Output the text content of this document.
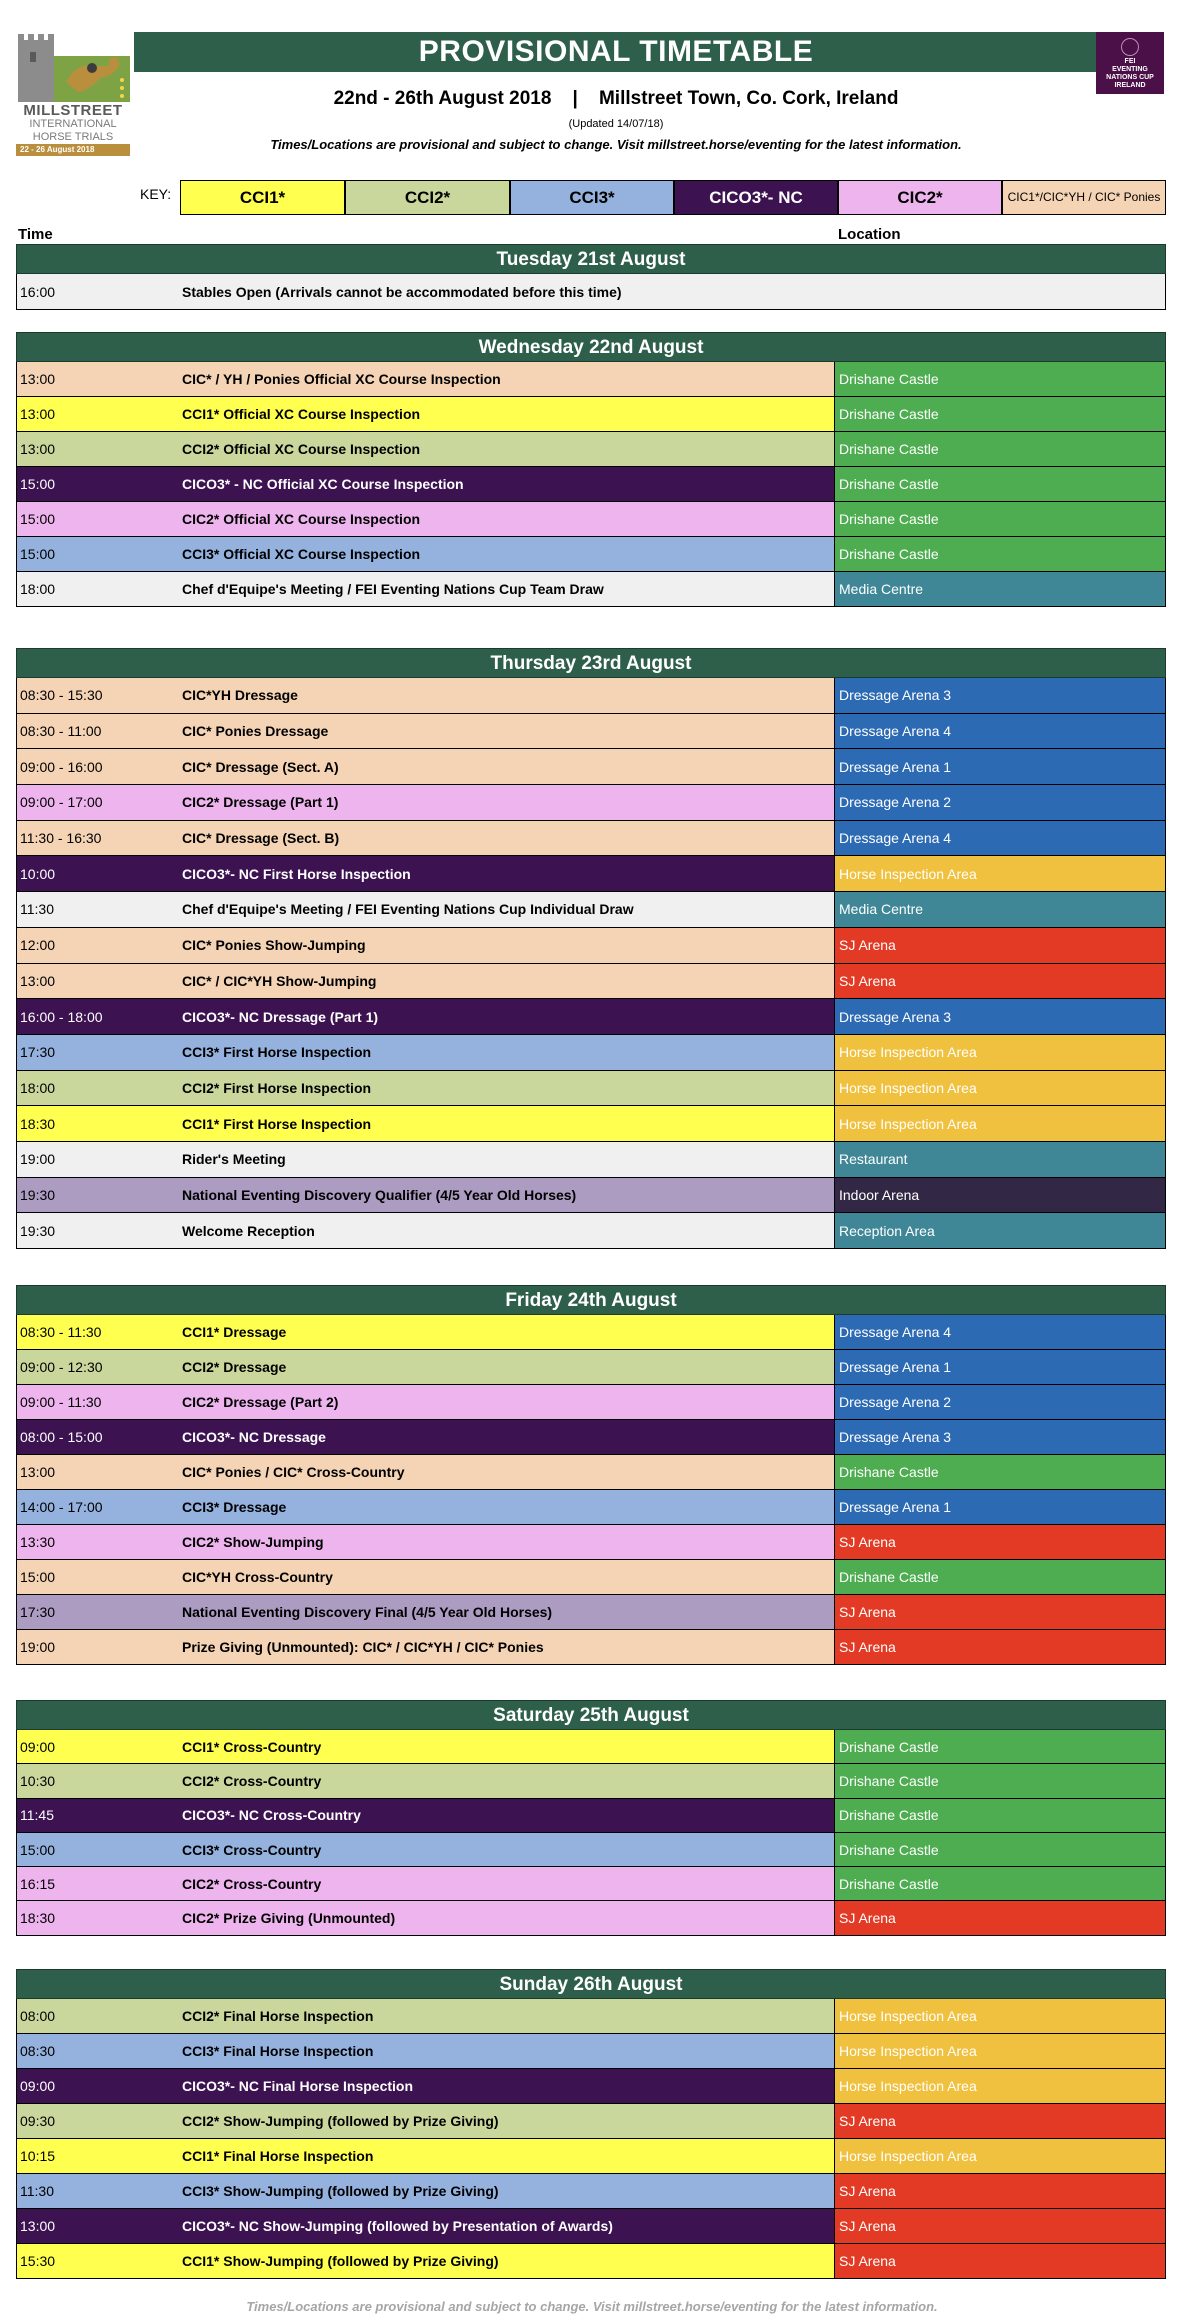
MILLSTREET
INTERNATIONAL
HORSE TRIALS
22 - 26 August 2018
PROVISIONAL TIMETABLE	FEI
EVENTING
NATIONS CUP
IRELAND
22nd - 26th August 2018    |    Millstreet Town, Co. Cork, Ireland
(Updated 14/07/18)
Times/Locations are provisional and subject to change. Visit millstreet.horse/eventing for the latest information.
KEY:	CCI1*	CCI2*	CCI3*	CICO3*- NC	CIC2*	CIC1*/CIC*YH / CIC* Ponies
Time	Location
Tuesday 21st August
16:00	Stables Open (Arrivals cannot be accommodated before this time)
Wednesday 22nd August
13:00	CIC* / YH / Ponies Official XC Course Inspection	Drishane Castle
13:00	CCI1* Official XC Course Inspection	Drishane Castle
13:00	CCI2* Official XC Course Inspection	Drishane Castle
15:00	CICO3* - NC Official XC Course Inspection	Drishane Castle
15:00	CIC2* Official XC Course Inspection	Drishane Castle
15:00	CCI3* Official XC Course Inspection	Drishane Castle
18:00	Chef d'Equipe's Meeting / FEI Eventing Nations Cup Team Draw	Media Centre
Thursday 23rd August
08:30 - 15:30	CIC*YH Dressage	Dressage Arena 3
08:30 - 11:00	CIC* Ponies Dressage	Dressage Arena 4
09:00 - 16:00	CIC* Dressage (Sect. A)	Dressage Arena 1
09:00 - 17:00	CIC2* Dressage (Part 1)	Dressage Arena 2
11:30 - 16:30	CIC* Dressage (Sect. B)	Dressage Arena 4
10:00	CICO3*- NC First Horse Inspection	Horse Inspection Area
11:30	Chef d'Equipe's Meeting / FEI Eventing Nations Cup Individual Draw	Media Centre
12:00	CIC* Ponies Show-Jumping	SJ Arena
13:00	CIC* / CIC*YH Show-Jumping	SJ Arena
16:00 - 18:00	CICO3*- NC Dressage (Part 1)	Dressage Arena 3
17:30	CCI3* First Horse Inspection	Horse Inspection Area
18:00	CCI2* First Horse Inspection	Horse Inspection Area
18:30	CCI1* First Horse Inspection	Horse Inspection Area
19:00	Rider's Meeting	Restaurant
19:30	National Eventing Discovery Qualifier (4/5 Year Old Horses)	Indoor Arena
19:30	Welcome Reception	Reception Area
Friday 24th August
08:30 - 11:30	CCI1* Dressage	Dressage Arena 4
09:00 - 12:30	CCI2* Dressage	Dressage Arena 1
09:00 - 11:30	CIC2* Dressage (Part 2)	Dressage Arena 2
08:00 - 15:00	CICO3*- NC Dressage	Dressage Arena 3
13:00	CIC* Ponies / CIC* Cross-Country	Drishane Castle
14:00 - 17:00	CCI3* Dressage	Dressage Arena 1
13:30	CIC2* Show-Jumping	SJ Arena
15:00	CIC*YH Cross-Country	Drishane Castle
17:30	National Eventing Discovery Final (4/5 Year Old Horses)	SJ Arena
19:00	Prize Giving (Unmounted): CIC* / CIC*YH / CIC* Ponies	SJ Arena
Saturday 25th August
09:00	CCI1* Cross-Country	Drishane Castle
10:30	CCI2* Cross-Country	Drishane Castle
11:45	CICO3*- NC Cross-Country	Drishane Castle
15:00	CCI3* Cross-Country	Drishane Castle
16:15	CIC2* Cross-Country	Drishane Castle
18:30	CIC2* Prize Giving (Unmounted)	SJ Arena
Sunday 26th August
08:00	CCI2* Final Horse Inspection	Horse Inspection Area
08:30	CCI3* Final Horse Inspection	Horse Inspection Area
09:00	CICO3*- NC Final Horse Inspection	Horse Inspection Area
09:30	CCI2* Show-Jumping (followed by Prize Giving)	SJ Arena
10:15	CCI1* Final Horse Inspection	Horse Inspection Area
11:30	CCI3* Show-Jumping (followed by Prize Giving)	SJ Arena
13:00	CICO3*- NC Show-Jumping (followed by Presentation of Awards)	SJ Arena
15:30	CCI1* Show-Jumping (followed by Prize Giving)	SJ Arena
Times/Locations are provisional and subject to change. Visit millstreet.horse/eventing for the latest information.
